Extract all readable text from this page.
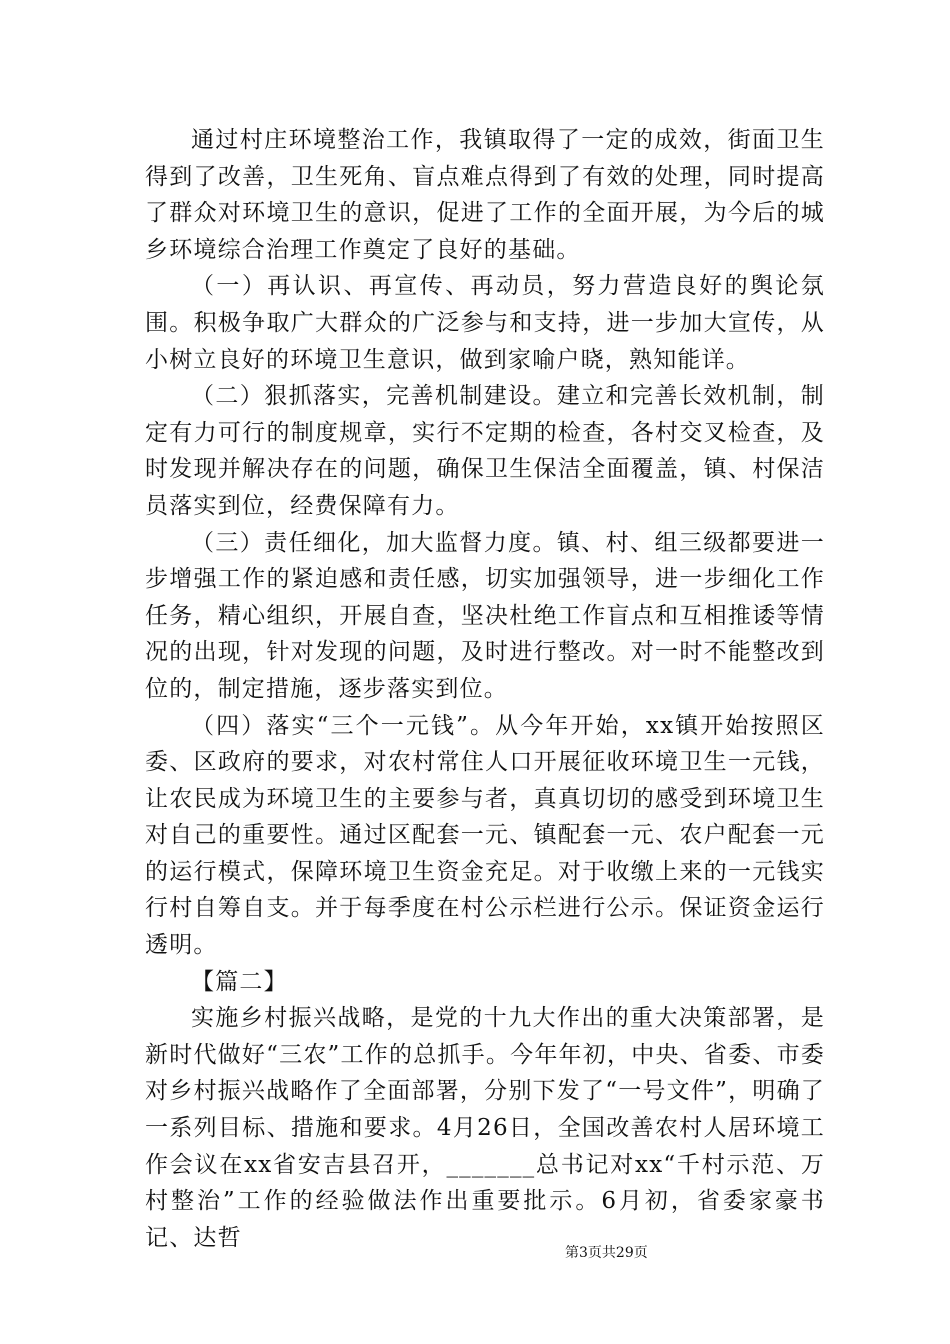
通过村庄环境整治工作，我镇取得了一定的成效，街面卫生得到了改善，卫生死角、盲点难点得到了有效的处理，同时提高了群众对环境卫生的意识，促进了工作的全面开展，为今后的城乡环境综合治理工作奠定了良好的基础。

（一）再认识、再宣传、再动员，努力营造良好的舆论氛围。积极争取广大群众的广泛参与和支持，进一步加大宣传，从小树立良好的环境卫生意识，做到家喻户晓，熟知能详。

（二）狠抓落实，完善机制建设。建立和完善长效机制，制定有力可行的制度规章，实行不定期的检查，各村交叉检查，及时发现并解决存在的问题，确保卫生保洁全面覆盖，镇、村保洁员落实到位，经费保障有力。

（三）责任细化，加大监督力度。镇、村、组三级都要进一步增强工作的紧迫感和责任感，切实加强领导，进一步细化工作任务，精心组织，开展自查，坚决杜绝工作盲点和互相推诿等情况的出现，针对发现的问题，及时进行整改。对一时不能整改到位的，制定措施，逐步落实到位。

（四）落实“三个一元钱”。从今年开始，xx镇开始按照区委、区政府的要求，对农村常住人口开展征收环境卫生一元钱，让农民成为环境卫生的主要参与者，真真切切的感受到环境卫生对自己的重要性。通过区配套一元、镇配套一元、农户配套一元的运行模式，保障环境卫生资金充足。对于收缴上来的一元钱实行村自筹自支。并于每季度在村公示栏进行公示。保证资金运行透明。

【篇二】

实施乡村振兴战略，是党的十九大作出的重大决策部署，是新时代做好“三农”工作的总抓手。今年年初，中央、省委、市委对乡村振兴战略作了全面部署，分别下发了“一号文件”，明确了一系列目标、措施和要求。4月26日，全国改善农村人居环境工作会议在xx省安吉县召开，_______总书记对xx“千村示范、万村整治”工作的经验做法作出重要批示。6月初，省委家豪书记、达哲

第3页共29页
